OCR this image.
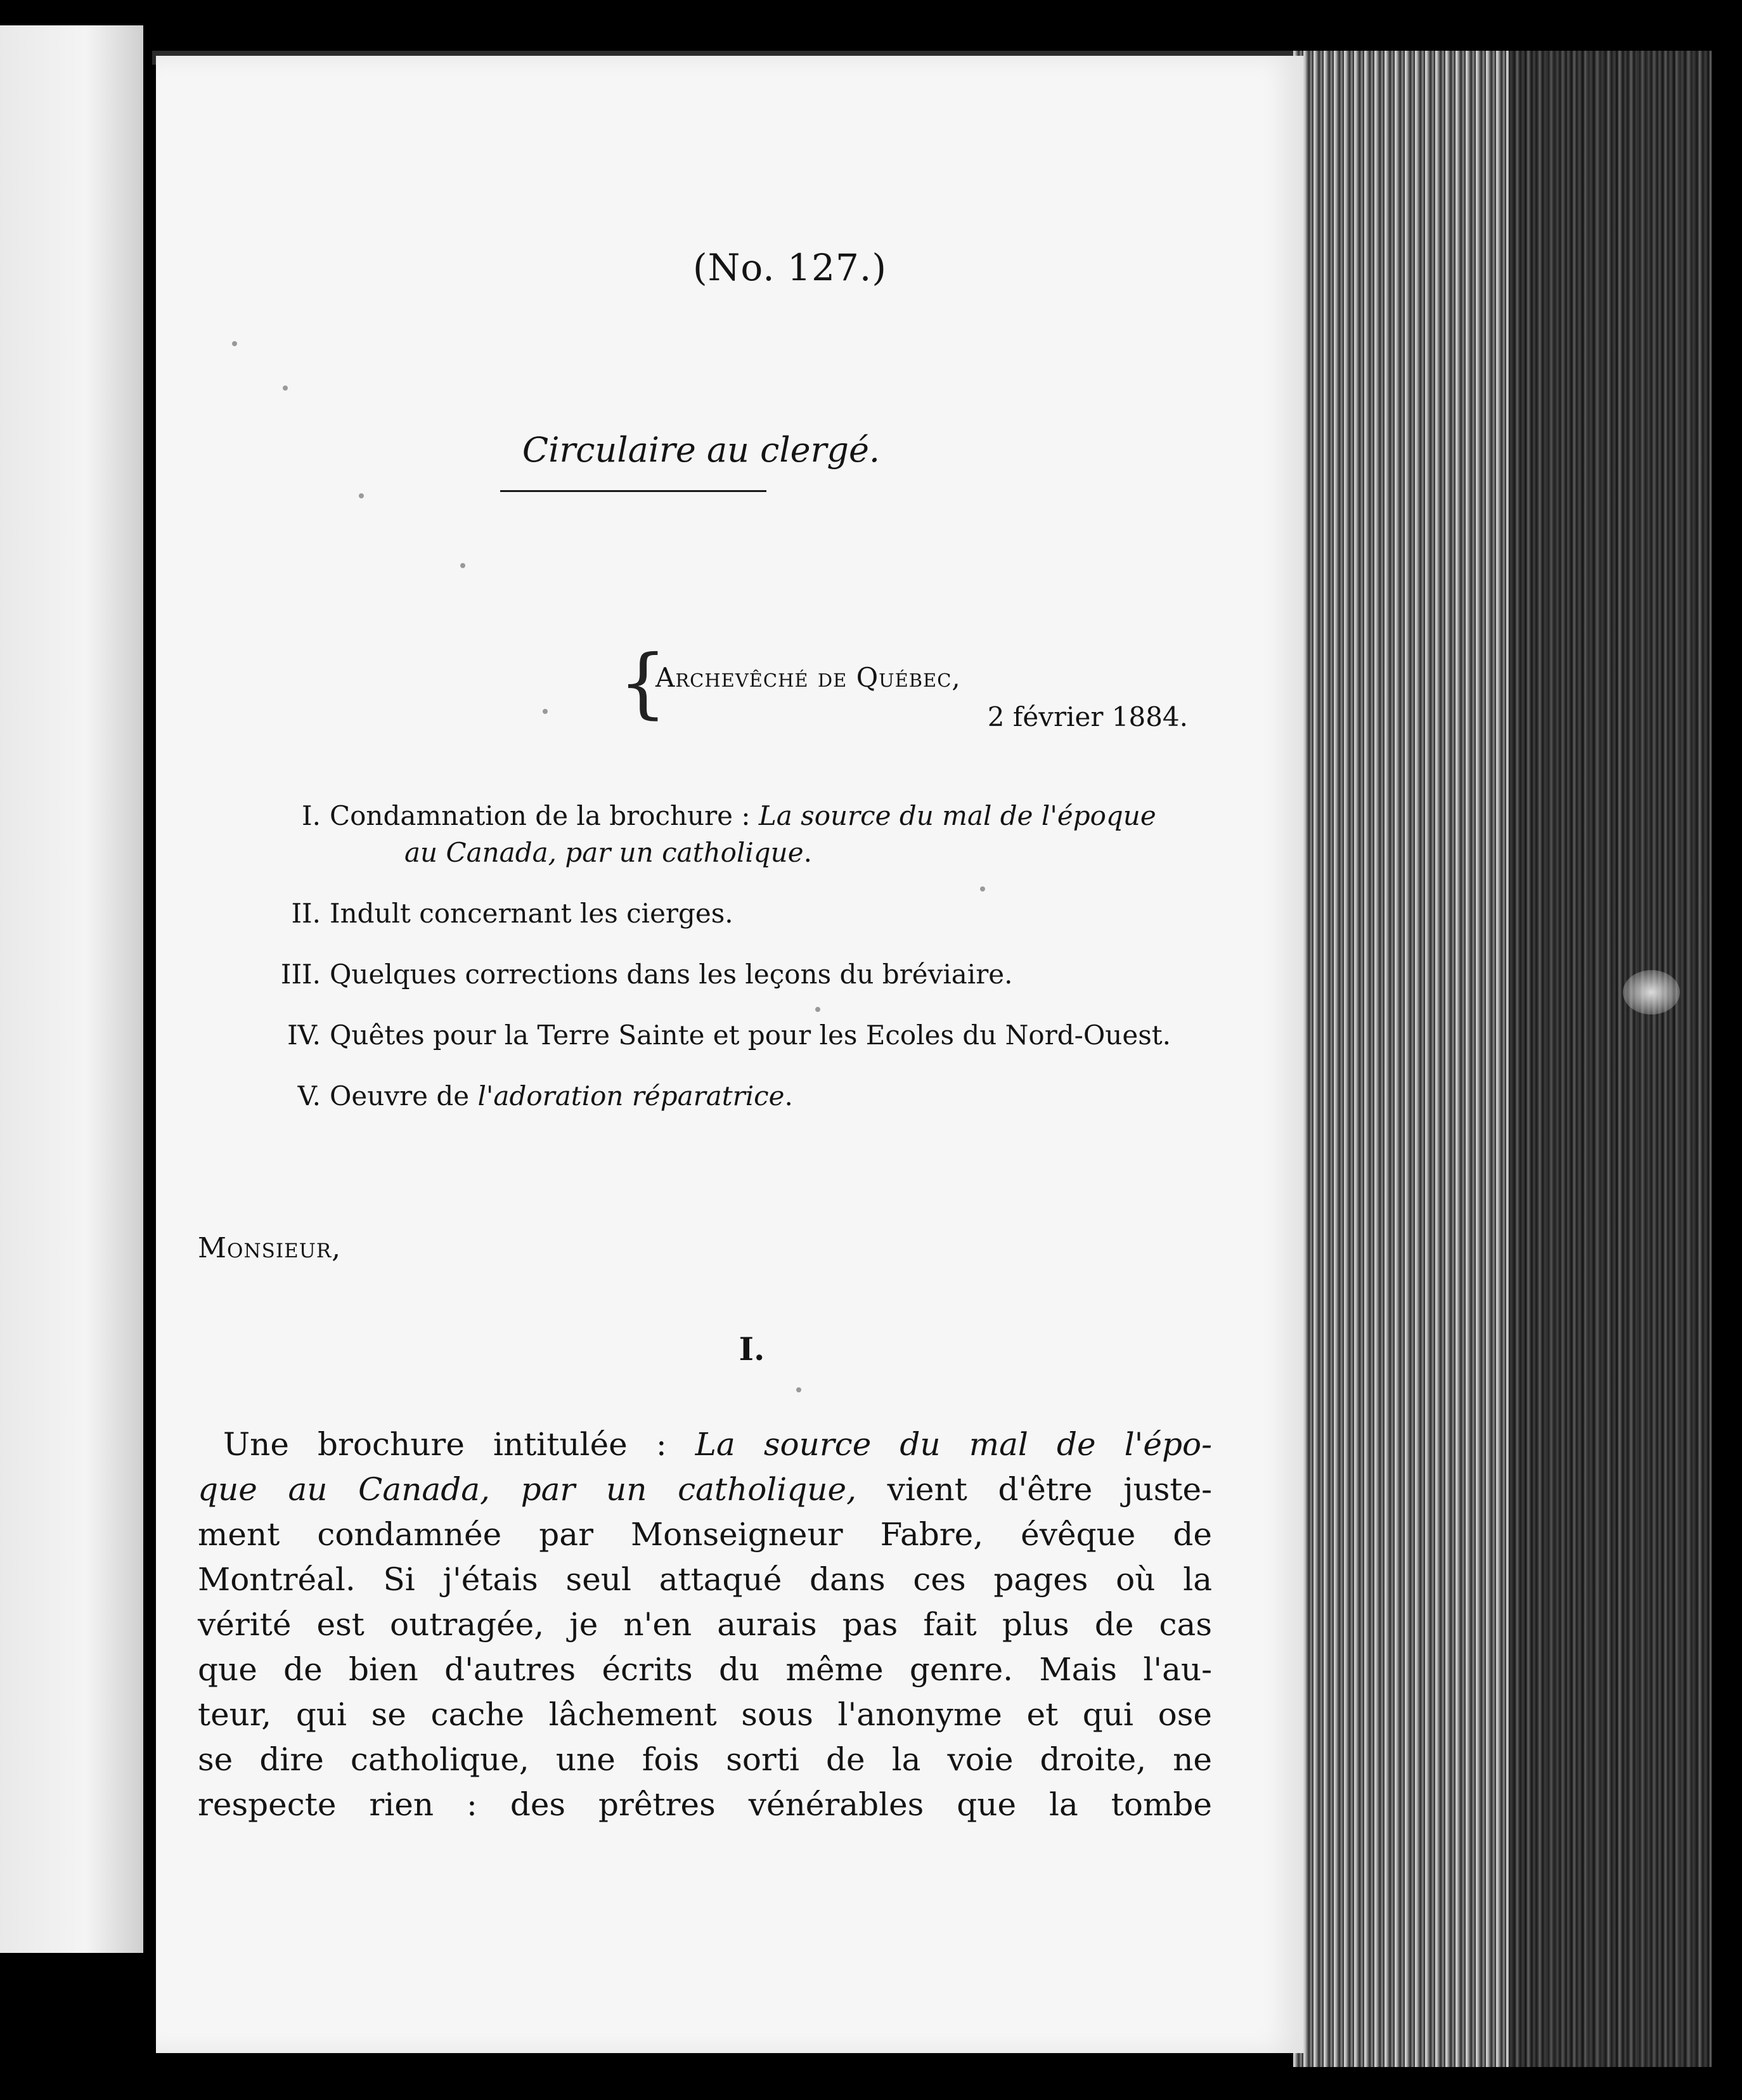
(No. 127.)
Circulaire au clergé.
{
Archevêché de Québec,
2 février 1884.
I. Condamnation de la brochure : La source du mal de l'époque
au Canada, par un catholique.
II. Indult concernant les cierges.
III. Quelques corrections dans les leçons du bréviaire.
IV. Quêtes pour la Terre Sainte et pour les Ecoles du Nord-Ouest.
V. Oeuvre de l'adoration réparatrice.
Monsieur,
I.
Une brochure intitulée : La source du mal de l'épo-
que au Canada, par un catholique, vient d'être juste-
ment condamnée par Monseigneur Fabre, évêque de
Montréal. Si j'étais seul attaqué dans ces pages où la
vérité est outragée, je n'en aurais pas fait plus de cas
que de bien d'autres écrits du même genre. Mais l'au-
teur, qui se cache lâchement sous l'anonyme et qui ose
se dire catholique, une fois sorti de la voie droite, ne
respecte rien : des prêtres vénérables que la tombe
